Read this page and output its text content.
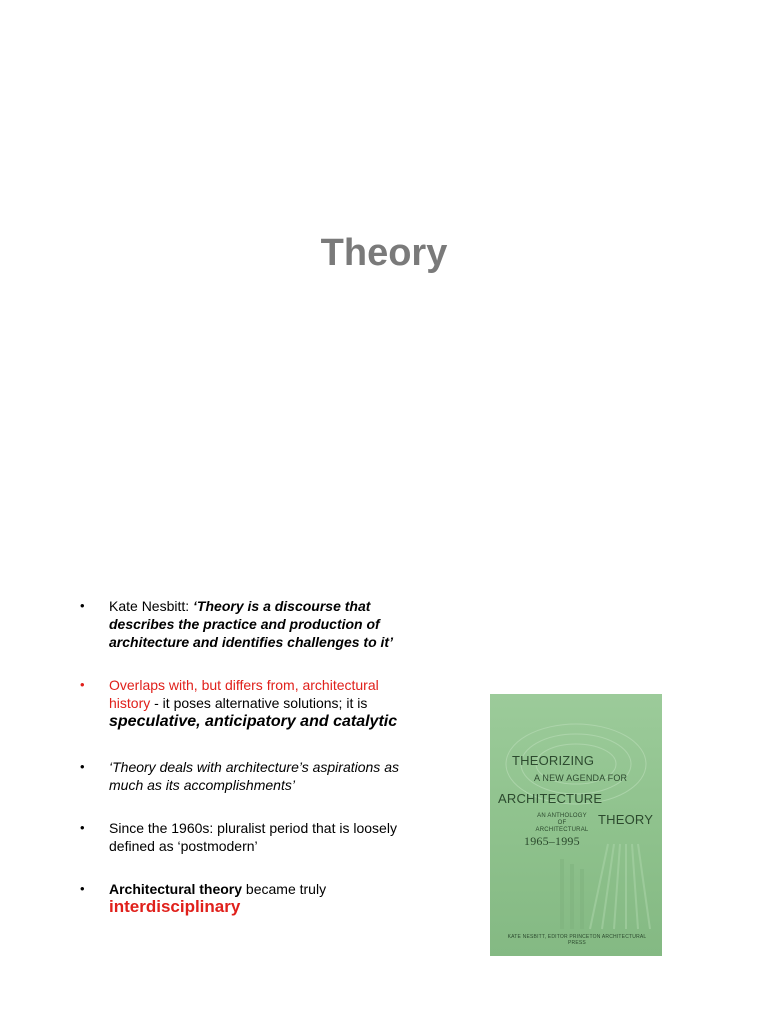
Theory
• Kate Nesbitt: ‘Theory is a discourse that describes the practice and production of architecture and identifies challenges to it’
• Overlaps with, but differs from, architectural history - it poses alternative solutions; it is speculative, anticipatory and catalytic
• ‘Theory deals with architecture’s aspirations as much as its accomplishments’
• Since the 1960s: pluralist period that is loosely defined as ‘postmodern’
• Architectural theory became truly interdisciplinary
THEORIZING
A NEW AGENDA FOR
ARCHITECTURE
AN ANTHOLOGY OF ARCHITECTURAL
THEORY
1965–1995
KATE NESBITT, EDITOR PRINCETON ARCHITECTURAL PRESS
